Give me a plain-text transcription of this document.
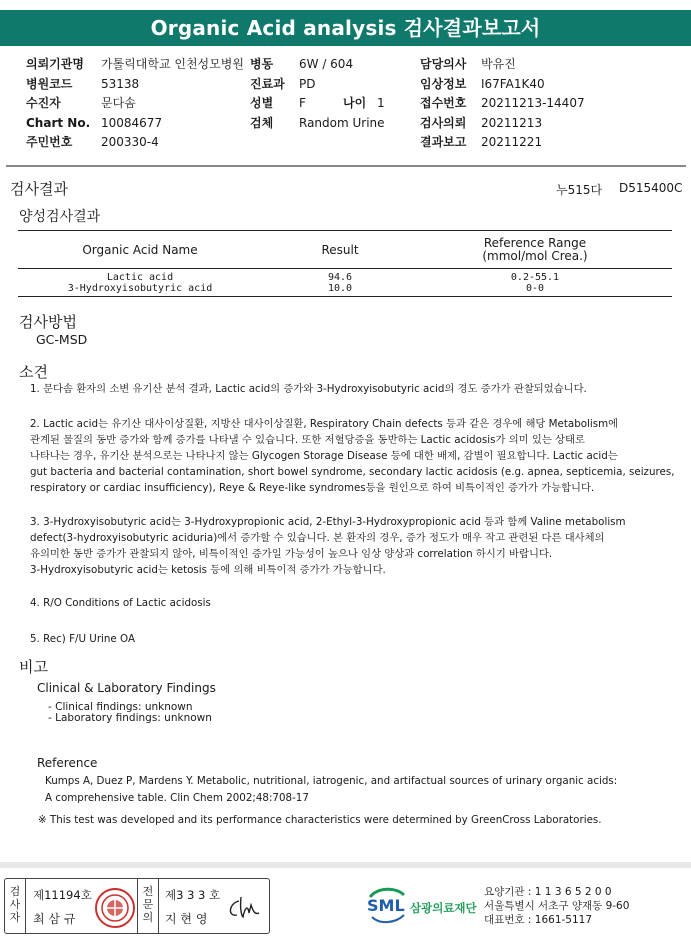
Organic Acid analysis 검사결과보고서
의뢰기관명 가톨릭대학교 인천성모병원 병동 6W / 604	담당의사 박유진
병원코드 53138	진료과 PD	임상정보 I67FA1K40
수진자	문다솜	성별 F	나이 1	접수번호 20211213-14407
Chart No. 10084677	검체 Random Urine	검사의뢰 20211213
주민번호 200330-4	결과보고 20211221
검사결과	누515다 D515400C
양성검사결과
Organic Acid Name	Result	Reference Range
(mmol/mol Crea.)
Lactic acid	94.6	0.2-55.1
3-Hydroxyisobutyric acid	10.0	0-0
검사방법
GC-MSD
소견
1. 문다솜 환자의 소변 유기산 분석 결과, Lactic acid의 증가와 3-Hydroxyisobutyric acid의 경도 증가가 관찰되었습니다.
2. Lactic acid는 유기산 대사이상질환, 지방산 대사이상질환, Respiratory Chain defects 등과 같은 경우에 해당 Metabolism에
관계된 물질의 동반 증가와 함께 증가를 나타낼 수 있습니다. 또한 저혈당증을 동반하는 Lactic acidosis가 의미 있는 상태로
나타나는 경우, 유기산 분석으로는 나타나지 않는 Glycogen Storage Disease 등에 대한 배제, 감별이 필요합니다. Lactic acid는
gut bacteria and bacterial contamination, short bowel syndrome, secondary lactic acidosis (e.g. apnea, septicemia, seizures,
respiratory or cardiac insufficiency), Reye & Reye-like syndromes등을 원인으로 하여 비특이적인 증가가 가능합니다.
3. 3-Hydroxyisobutyric acid는 3-Hydroxypropionic acid, 2-Ethyl-3-Hydroxypropionic acid 등과 함께 Valine metabolism
defect(3-hydroxyisobutyric aciduria)에서 증가할 수 있습니다. 본 환자의 경우, 증가 정도가 매우 작고 관련된 다른 대사체의
유의미한 동반 증가가 관찰되지 않아, 비특이적인 증가일 가능성이 높으나 임상 양상과 correlation 하시기 바랍니다.
3-Hydroxyisobutyric acid는 ketosis 등에 의해 비특이적 증가가 가능합니다.
4. R/O Conditions of Lactic acidosis
5. Rec) F/U Urine OA
비고
Clinical & Laboratory Findings
- Clinical findings: unknown
- Laboratory findings: unknown
Reference
Kumps A, Duez P, Mardens Y. Metabolic, nutritional, iatrogenic, and artifactual sources of urinary organic acids:
A comprehensive table. Clin Chem 2002;48:708-17
※ This test was developed and its performance characteristics were determined by GreenCross Laboratories.
검
사
자
제11194호
최 삼 규
전
문
의
제3 3 3 호
지 현 영
SML 삼광의료재단
요양기관 : 1 1 3 6 5 2 0 0
서울특별시 서초구 양재동 9-60
대표번호 : 1661-5117
